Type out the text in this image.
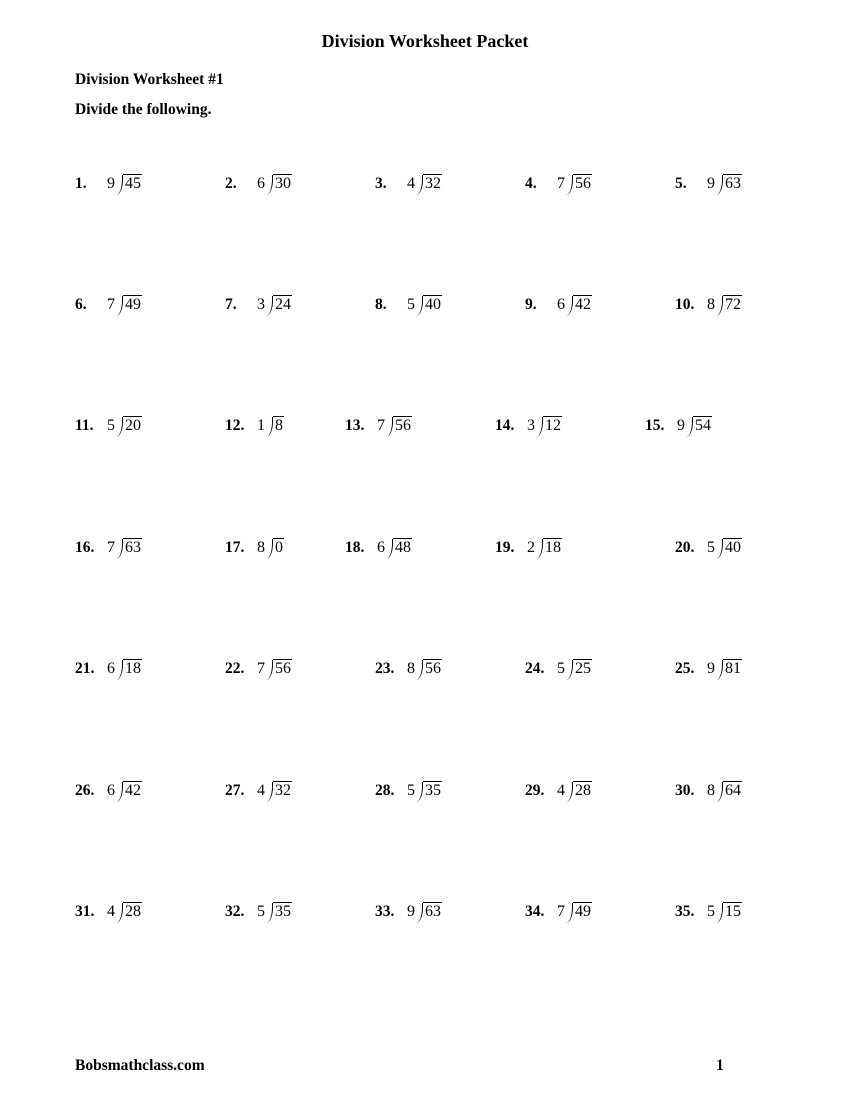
Division Worksheet Packet
Division Worksheet #1
Divide the following.
1.	9 45	2.	6 30	3.	4 32	4.	7 56	5.	9 63
6.	7 49	7.	3 24	8.	5 40	9.	6 42	10. 8 72
11. 5 20	12. 1 8	13. 7 56	14. 3 12	15. 9 54
16. 7 63	17. 8 0	18. 6 48	19. 2 18	20. 5 40
21. 6 18	22. 7 56	23. 8 56	24. 5 25	25. 9 81
26. 6 42	27. 4 32	28. 5 35	29. 4 28	30. 8 64
31. 4 28	32. 5 35	33. 9 63	34. 7 49	35. 5 15
Bobsmathclass.com	1
